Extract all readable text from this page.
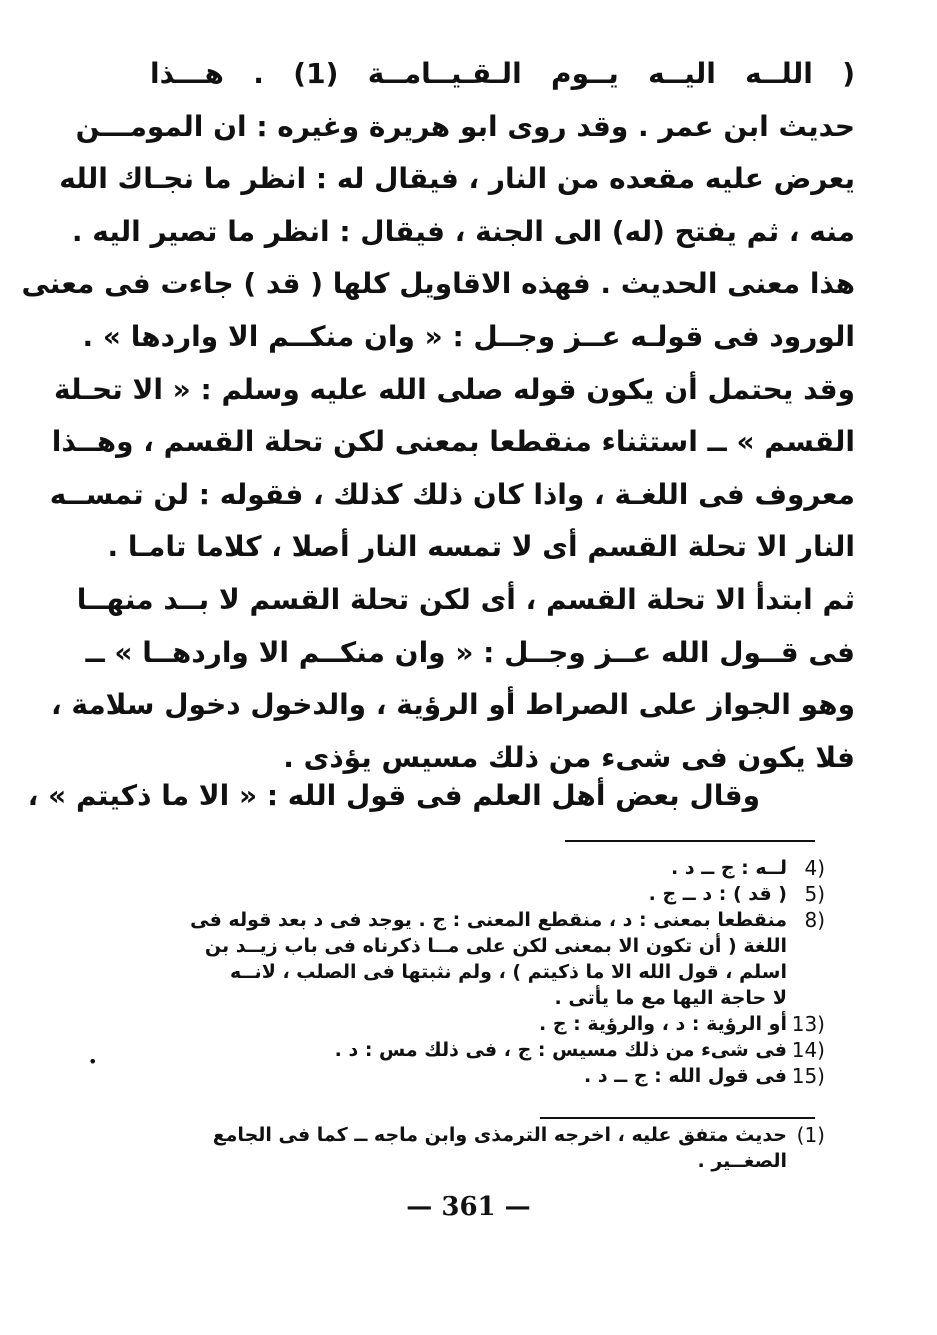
( اللــه اليــه يــوم الـقـيــامــة (1) . هـــذا
حديث ابن عمر . وقد روى ابو هريرة وغيره : ان المومـــن
يعرض عليه مقعده من النار ، فيقال له : انظر ما نجـاك الله
منه ، ثم يفتح (له) الى الجنة ، فيقال : انظر ما تصير اليه .
هذا معنى الحديث . فهذه الاقاويل كلها ( قد ) جاءت فى معنى
الورود فى قولـه عــز وجــل : « وان منكــم الا واردها » .
وقد يحتمل أن يكون قوله صلى الله عليه وسلم : « الا تحـلة
القسم » ــ استثناء منقطعا بمعنى لكن تحلة القسم ، وهــذا
معروف فى اللغـة ، واذا كان ذلك كذلك ، فقوله : لن تمســه
النار الا تحلة القسم أى لا تمسه النار أصلا ، كلاما تامـا .
ثم ابتدأ الا تحلة القسم ، أى لكن تحلة القسم لا بــد منهــا
فى قــول الله عــز وجــل : « وان منكــم الا واردهــا » ــ
وهو الجواز على الصراط أو الرؤية ، والدخول دخول سلامة ،
فلا يكون فى شىء من ذلك مسيس يؤذى .
وقال بعض أهل العلم فى قول الله : « الا ما ذكيتم » ،
4)
لــه : ج ــ د .
5)
( قد ) : د ــ ج .
8)
منقطعا بمعنى : د ، منقطع المعنى : ج . يوجد فى د بعد قوله فى
اللغة ( أن تكون الا بمعنى لكن على مــا ذكرناه فى باب زيــد بن
اسلم ، قول الله الا ما ذكيتم ) ، ولم نثبتها فى الصلب ، لانــه
لا حاجة اليها مع ما يأتى .
13)
أو الرؤية : د ، والرؤية : ج .
14)
فى شىء من ذلك مسيس : ج ، فى ذلك مس : د .
15)
فى قول الله : ج ــ د .
(1)
حديث متفق عليه ، اخرجه الترمذى وابن ماجه ــ كما فى الجامع
الصغــير .
•
— 361 —
